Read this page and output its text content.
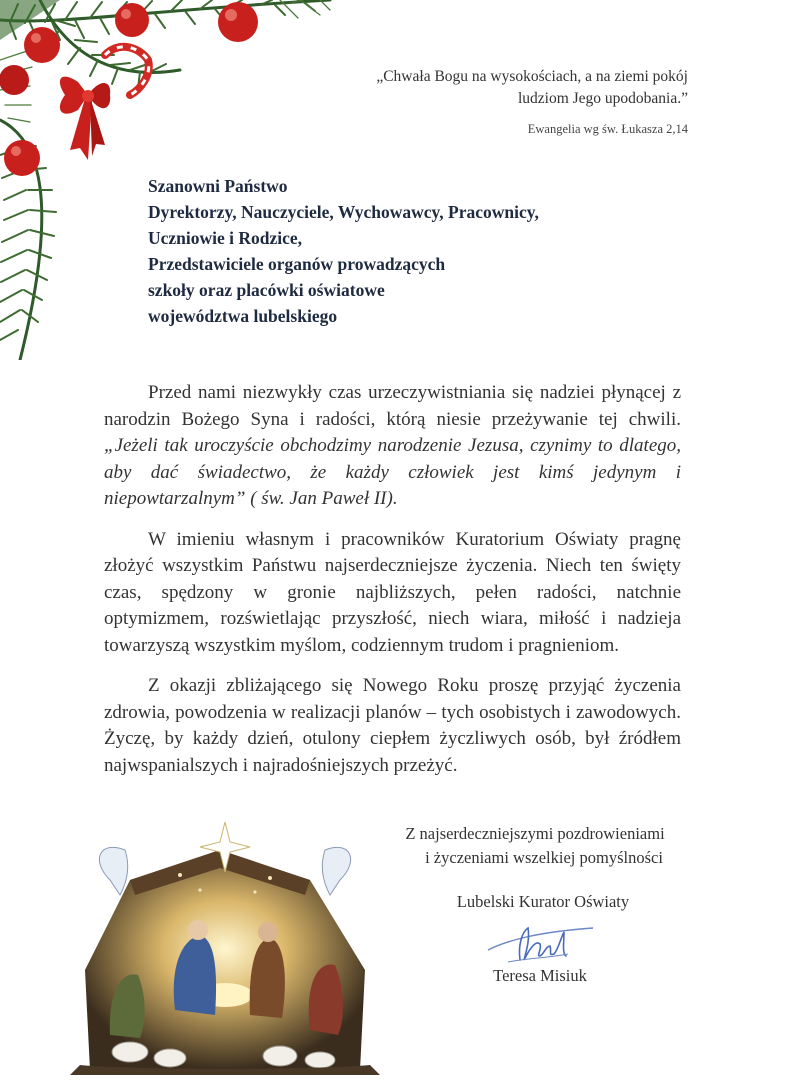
„Chwała Bogu na wysokościach, a na ziemi pokój
ludziom Jego upodobania.”
Ewangelia wg św. Łukasza 2,14
Szanowni Państwo
Dyrektorzy, Nauczyciele, Wychowawcy, Pracownicy,
Uczniowie i Rodzice,
Przedstawiciele organów prowadzących
szkoły oraz placówki oświatowe
województwa lubelskiego

Przed nami niezwykły czas urzeczywistniania się nadziei płynącej z narodzin Bożego Syna i radości, którą niesie przeżywanie tej chwili. „Jeżeli tak uroczyście obchodzimy narodzenie Jezusa, czynimy to dlatego, aby dać świadectwo, że każdy człowiek jest kimś jedynym i niepowtarzalnym” ( św. Jan Paweł II).

W imieniu własnym i pracowników Kuratorium Oświaty pragnę złożyć wszystkim Państwu najserdeczniejsze życzenia. Niech ten święty czas, spędzony w gronie najbliższych, pełen radości, natchnie optymizmem, rozświetlając przyszłość, niech wiara, miłość i nadzieja towarzyszą wszystkim myślom, codziennym trudom i pragnieniom.

Z okazji zbliżającego się Nowego Roku proszę przyjąć życzenia zdrowia, powodzenia w realizacji planów – tych osobistych i zawodowych. Życzę, by każdy dzień, otulony ciepłem życzliwych osób, był źródłem najwspanialszych i najradośniejszych przeżyć.

Z najserdeczniejszymi pozdrowieniami
i życzeniami wszelkiej pomyślności
Lubelski Kurator Oświaty
Teresa Misiuk
